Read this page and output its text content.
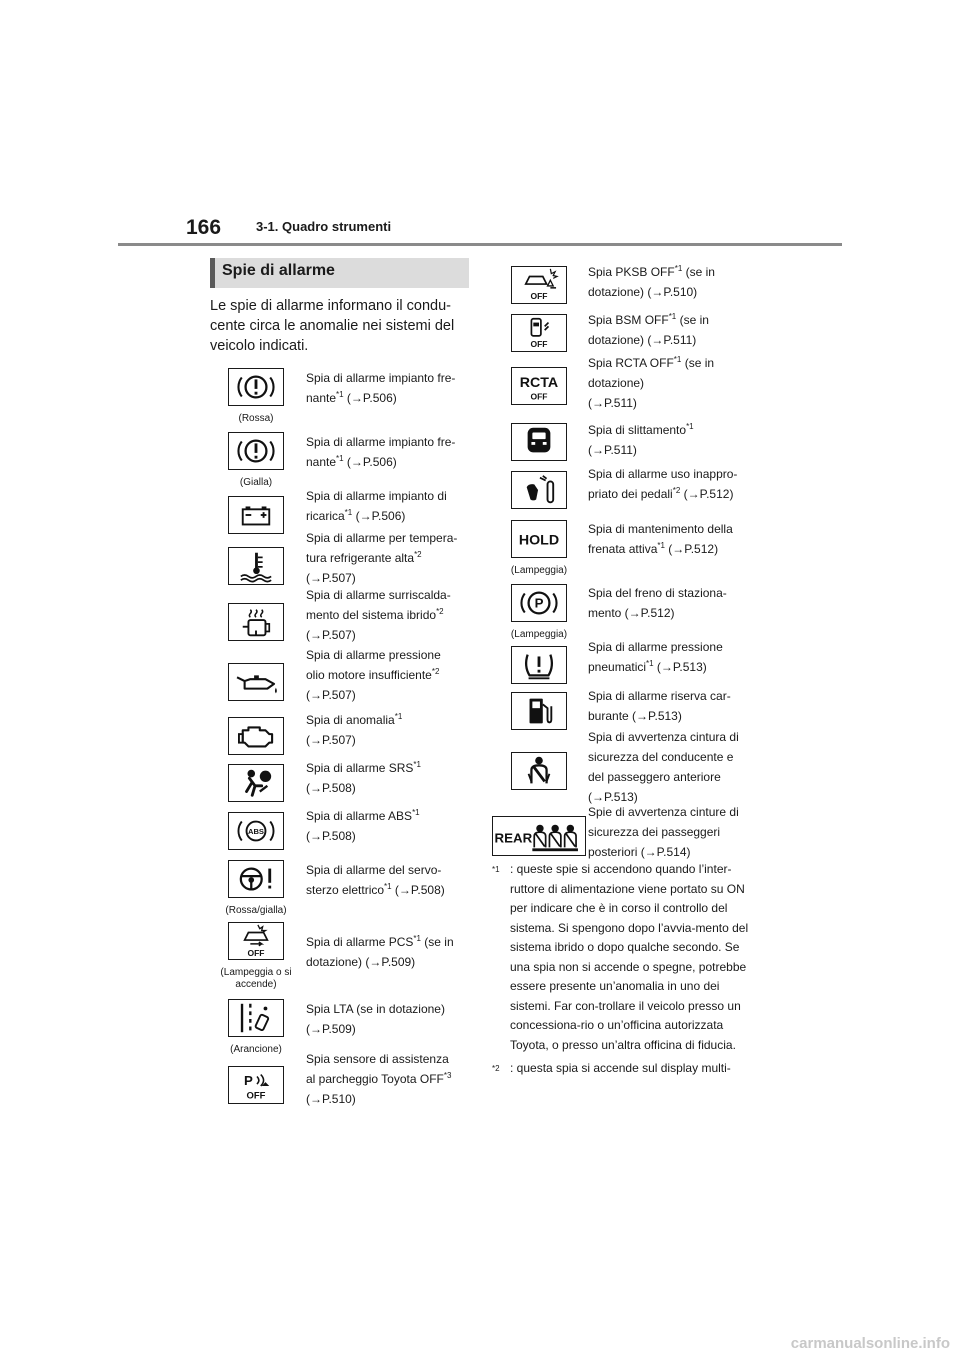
166	3-1. Quadro strumenti
Spie di allarme
Le spie di allarme informano il condu-cente circa le anomalie nei sistemi del veicolo indicati.
(Rossa)
Spia di allarme impianto fre-
nante$^{*1}$ (→P.506)
(Gialla)
Spia di allarme impianto fre-
nante$^{*1}$ (→P.506)
Spia di allarme impianto di
ricarica$^{*1}$ (→P.506)
Spia di allarme per tempera-
tura refrigerante alta$^{*2}$
(→P.507)
Spia di allarme surriscalda-
mento del sistema ibrido$^{*2}$
(→P.507)
Spia di allarme pressione
olio motore insufficiente$^{*2}$
(→P.507)
Spia di anomalia$^{*1}$
(→P.507)
Spia di allarme SRS$^{*1}$
(→P.508)
ABS
Spia di allarme ABS$^{*1}$
(→P.508)
(Rossa/gialla)
Spia di allarme del servo-
sterzo elettrico$^{*1}$ (→P.508)
OFF
(Lampeggia o si accende)
Spia di allarme PCS$^{*1}$ (se in
dotazione) (→P.509)
(Arancione)
Spia LTA (se in dotazione)
(→P.509)
P
OFF
Spia sensore di assistenza
al parcheggio Toyota OFF$^{*3}$
(→P.510)
OFF
Spia PKSB OFF$^{*1}$ (se in
dotazione) (→P.510)
OFF
Spia BSM OFF$^{*1}$ (se in
dotazione) (→P.511)
RCTA
OFF
Spia RCTA OFF$^{*1}$ (se in
dotazione)
(→P.511)
Spia di slittamento$^{*1}$
(→P.511)
Spia di allarme uso inappro-
priato dei pedali$^{*2}$ (→P.512)
HOLD
(Lampeggia)
Spia di mantenimento della
frenata attiva$^{*1}$ (→P.512)
P
(Lampeggia)
Spia del freno di staziona-
mento (→P.512)
Spia di allarme pressione
pneumatici$^{*1}$ (→P.513)
Spia di allarme riserva car-
burante (→P.513)
Spia di avvertenza cintura di
sicurezza del conducente e
del passeggero anteriore
(→P.513)
REAR
Spie di avvertenza cinture di
sicurezza dei passeggeri
posteriori (→P.514)
$^{*1}$ : queste spie si accendono quando l’inter-ruttore di alimentazione viene portato su ON per indicare che è in corso il controllo del sistema. Si spengono dopo l’avvia-mento del sistema ibrido o dopo qualche secondo. Se una spia non si accende o spegne, potrebbe essere presente un’anomalia in uno dei sistemi. Far con-trollare il veicolo presso un concessiona-rio o un’officina autorizzata Toyota, o presso un’altra officina di fiducia.
$^{*2}$ : questa spia si accende sul display multi-
carmanualsonline.info
